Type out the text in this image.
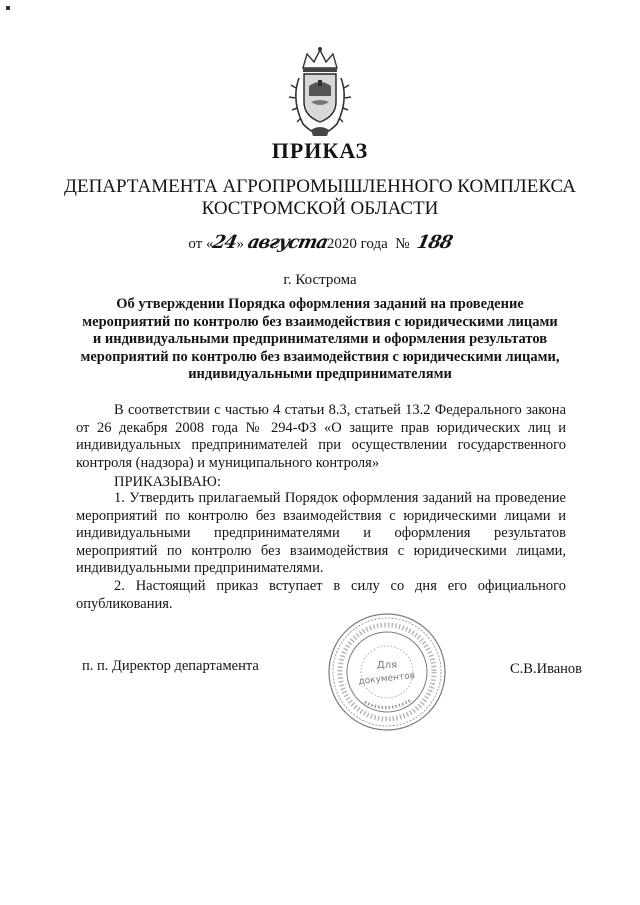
ПРИКАЗ
ДЕПАРТАМЕНТА АГРОПРОМЫШЛЕННОГО КОМПЛЕКСА
КОСТРОМСКОЙ ОБЛАСТИ
от «24» августа2020 года № 188
г. Кострома
Об утверждении Порядка оформления заданий на проведение мероприятий по контролю без взаимодействия с юридическими лицами и индивидуальными предпринимателями и оформления результатов мероприятий по контролю без взаимодействия с юридическими лицами, индивидуальными предпринимателями
В соответствии с частью 4 статьи 8.3, статьей 13.2 Федерального закона от 26 декабря 2008 года № 294-ФЗ «О защите прав юридических лиц и индивидуальных предпринимателей при осуществлении государственного контроля (надзора) и муниципального контроля»
ПРИКАЗЫВАЮ:
1. Утвердить прилагаемый Порядок оформления заданий на проведение мероприятий по контролю без взаимодействия с юридическими лицами и индивидуальными предпринимателями и оформления результатов мероприятий по контролю без взаимодействия с юридическими лицами, индивидуальными предпринимателями.
2. Настоящий приказ вступает в силу со дня его официального опубликования.
п. п. Директор департамента	Для
документов
С.В.Иванов
